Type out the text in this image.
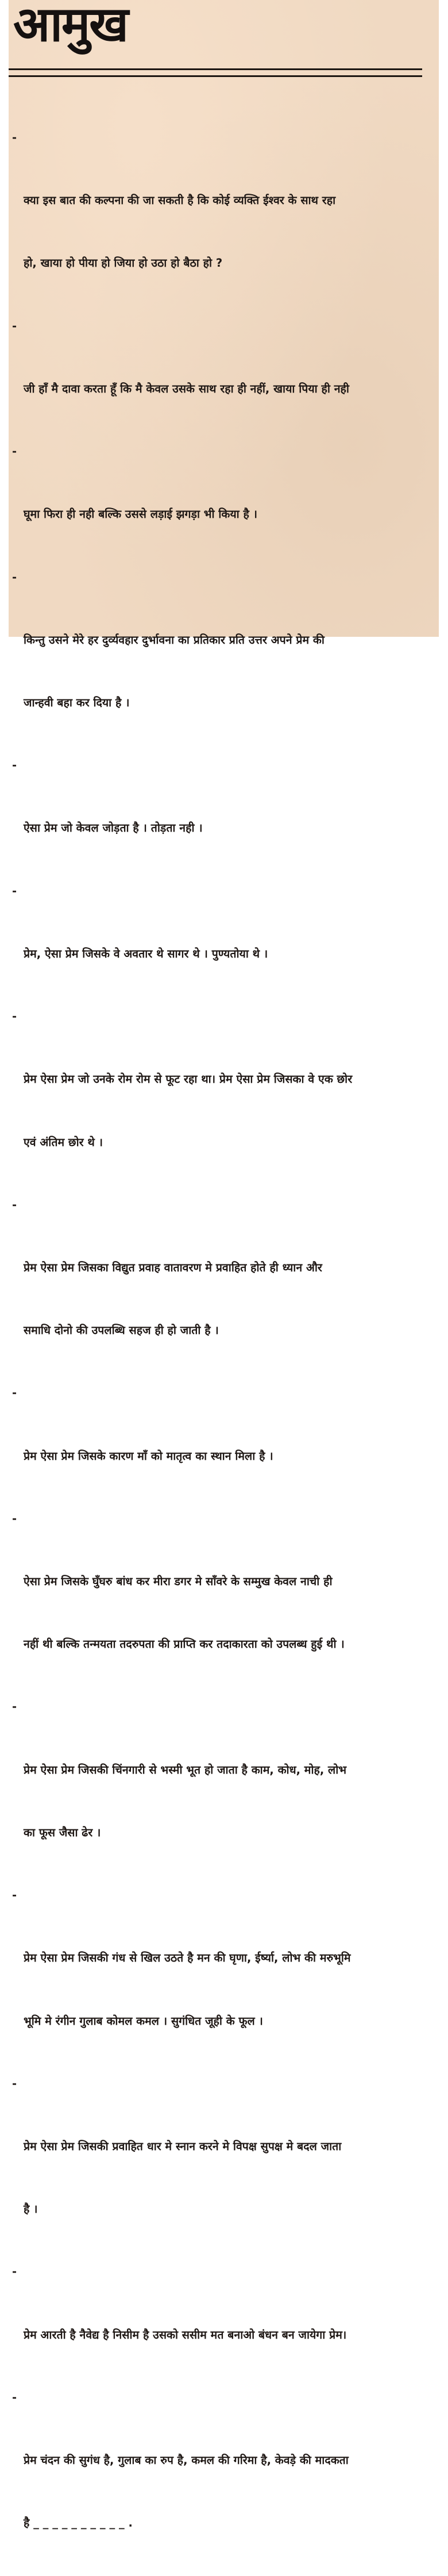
आमुख

-

क्या इस बात की कल्पना की जा सकती है कि कोई व्यक्ति ईश्वर के साथ रहा

हो, खाया हो पीया हो जिया हो उठा हो बैठा हो ?

-

जी हाँ मै दावा करता हूँ कि मै केवल उसके साथ रहा ही नहीं, खाया पिया ही नही

-

घूमा फिरा ही नही बल्कि उससे लड़ाई झगड़ा भी किया है ।

-

किन्तु उसने मेरे हर दुर्व्यवहार दुर्भावना का प्रतिकार प्रति उत्तर अपने प्रेम की

जान्हवी बहा कर दिया है ।

-

ऐसा प्रेम जो केवल जोड़ता है । तोड़ता नही ।

-

प्रेम, ऐसा प्रेम जिसके वे अवतार थे सागर थे । पुण्यतोया थे ।

-

प्रेम ऐसा प्रेम जो उनके रोम रोम से फूट रहा था। प्रेम ऐसा प्रेम जिसका वे एक छोर

एवं अंतिम छोर थे ।

-

प्रेम ऐसा प्रेम जिसका विद्युत प्रवाह वातावरण मे प्रवाहित होते ही ध्यान और

समाधि दोनो की उपलब्धि सहज ही हो जाती है ।

-

प्रेम ऐसा प्रेम जिसके कारण माँ को मातृत्व का स्थान मिला है ।

-

ऐसा प्रेम जिसके घुँघरु बांध कर मीरा डगर मे साँवरे के सम्मुख केवल नाची ही

नहीं थी बल्कि तन्मयता तदरुपता की प्राप्ति कर तदाकारता को उपलब्ध हुई थी ।

-

प्रेम ऐसा प्रेम जिसकी चिंनगारी से भस्मी भूत हो जाता है काम, कोध, मोह, लोभ

का फूस जैसा ढेर ।

-

प्रेम ऐसा प्रेम जिसकी गंध से खिल उठते है मन की घृणा, ईर्ष्या, लोभ की मरुभूमि

भूमि मे रंगीन गुलाब कोमल कमल । सुगंधित जूही के फूल ।

-

प्रेम ऐसा प्रेम जिसकी प्रवाहित धार मे स्नान करने मे विपक्ष सुपक्ष मे बदल जाता

है ।

-

प्रेम आरती है नैवेद्य है निसीम है उसको ससीम मत बनाओ बंधन बन जायेगा प्रेम।

-

प्रेम चंदन की सुगंध है, गुलाब का रुप है, कमल की गरिमा है, केवड़े की मादकता

है _ _ _ _ _ _ _ _ _ _ .
